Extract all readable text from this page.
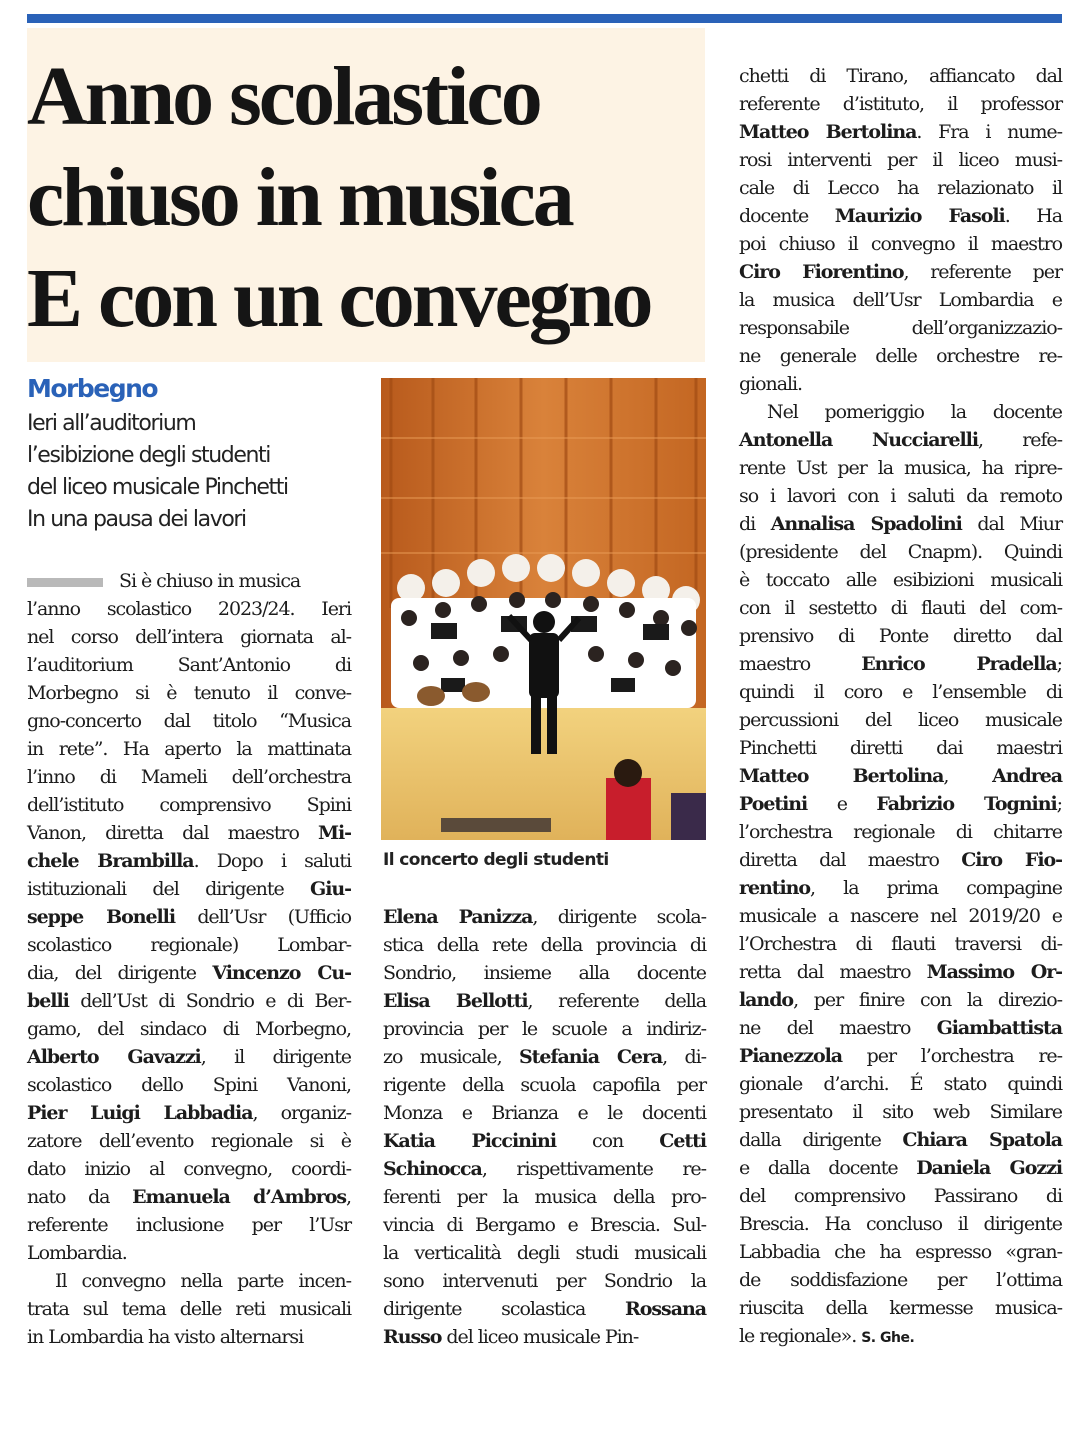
Anno scolastico
chiuso in musica
E con un convegno
Morbegno
Ieri all’auditorium
l’esibizione degli studenti
del liceo musicale Pinchetti
In una pausa dei lavori
Il concerto degli studenti
Si è chiuso in musica
l’anno scolastico 2023/24. Ieri
nel corso dell’intera giornata al-
l’auditorium Sant’Antonio di
Morbegno si è tenuto il conve-
gno-concerto dal titolo “Musica
in rete”. Ha aperto la mattinata
l’inno di Mameli dell’orchestra
dell’istituto comprensivo Spini
Vanon, diretta dal maestro Mi-
chele Brambilla. Dopo i saluti
istituzionali del dirigente Giu-
seppe Bonelli dell’Usr (Ufficio
scolastico regionale) Lombar-
dia, del dirigente Vincenzo Cu-
belli dell’Ust di Sondrio e di Ber-
gamo, del sindaco di Morbegno,
Alberto Gavazzi, il dirigente
scolastico dello Spini Vanoni,
Pier Luigi Labbadia, organiz-
zatore dell’evento regionale si è
dato inizio al convegno, coordi-
nato da Emanuela d’Ambros,
referente inclusione per l’Usr
Lombardia.
Il convegno nella parte incen-
trata sul tema delle reti musicali
in Lombardia ha visto alternarsi
Elena Panizza, dirigente scola-
stica della rete della provincia di
Sondrio, insieme alla docente
Elisa Bellotti, referente della
provincia per le scuole a indiriz-
zo musicale, Stefania Cera, di-
rigente della scuola capofila per
Monza e Brianza e le docenti
Katia Piccinini con Cetti
Schinocca, rispettivamente re-
ferenti per la musica della pro-
vincia di Bergamo e Brescia. Sul-
la verticalità degli studi musicali
sono intervenuti per Sondrio la
dirigente scolastica Rossana
Russo del liceo musicale Pin-
chetti di Tirano, affiancato dal
referente d’istituto, il professor
Matteo Bertolina. Fra i nume-
rosi interventi per il liceo musi-
cale di Lecco ha relazionato il
docente Maurizio Fasoli. Ha
poi chiuso il convegno il maestro
Ciro Fiorentino, referente per
la musica dell’Usr Lombardia e
responsabile dell’organizzazio-
ne generale delle orchestre re-
gionali.
Nel pomeriggio la docente
Antonella Nucciarelli, refe-
rente Ust per la musica, ha ripre-
so i lavori con i saluti da remoto
di Annalisa Spadolini dal Miur
(presidente del Cnapm). Quindi
è toccato alle esibizioni musicali
con il sestetto di flauti del com-
prensivo di Ponte diretto dal
maestro Enrico Pradella;
quindi il coro e l’ensemble di
percussioni del liceo musicale
Pinchetti diretti dai maestri
Matteo Bertolina, Andrea
Poetini e Fabrizio Tognini;
l’orchestra regionale di chitarre
diretta dal maestro Ciro Fio-
rentino, la prima compagine
musicale a nascere nel 2019/20 e
l’Orchestra di flauti traversi di-
retta dal maestro Massimo Or-
lando, per finire con la direzio-
ne del maestro Giambattista
Pianezzola per l’orchestra re-
gionale d’archi. É stato quindi
presentato il sito web Similare
dalla dirigente Chiara Spatola
e dalla docente Daniela Gozzi
del comprensivo Passirano di
Brescia. Ha concluso il dirigente
Labbadia che ha espresso «gran-
de soddisfazione per l’ottima
riuscita della kermesse musica-
le regionale». S. Ghe.
